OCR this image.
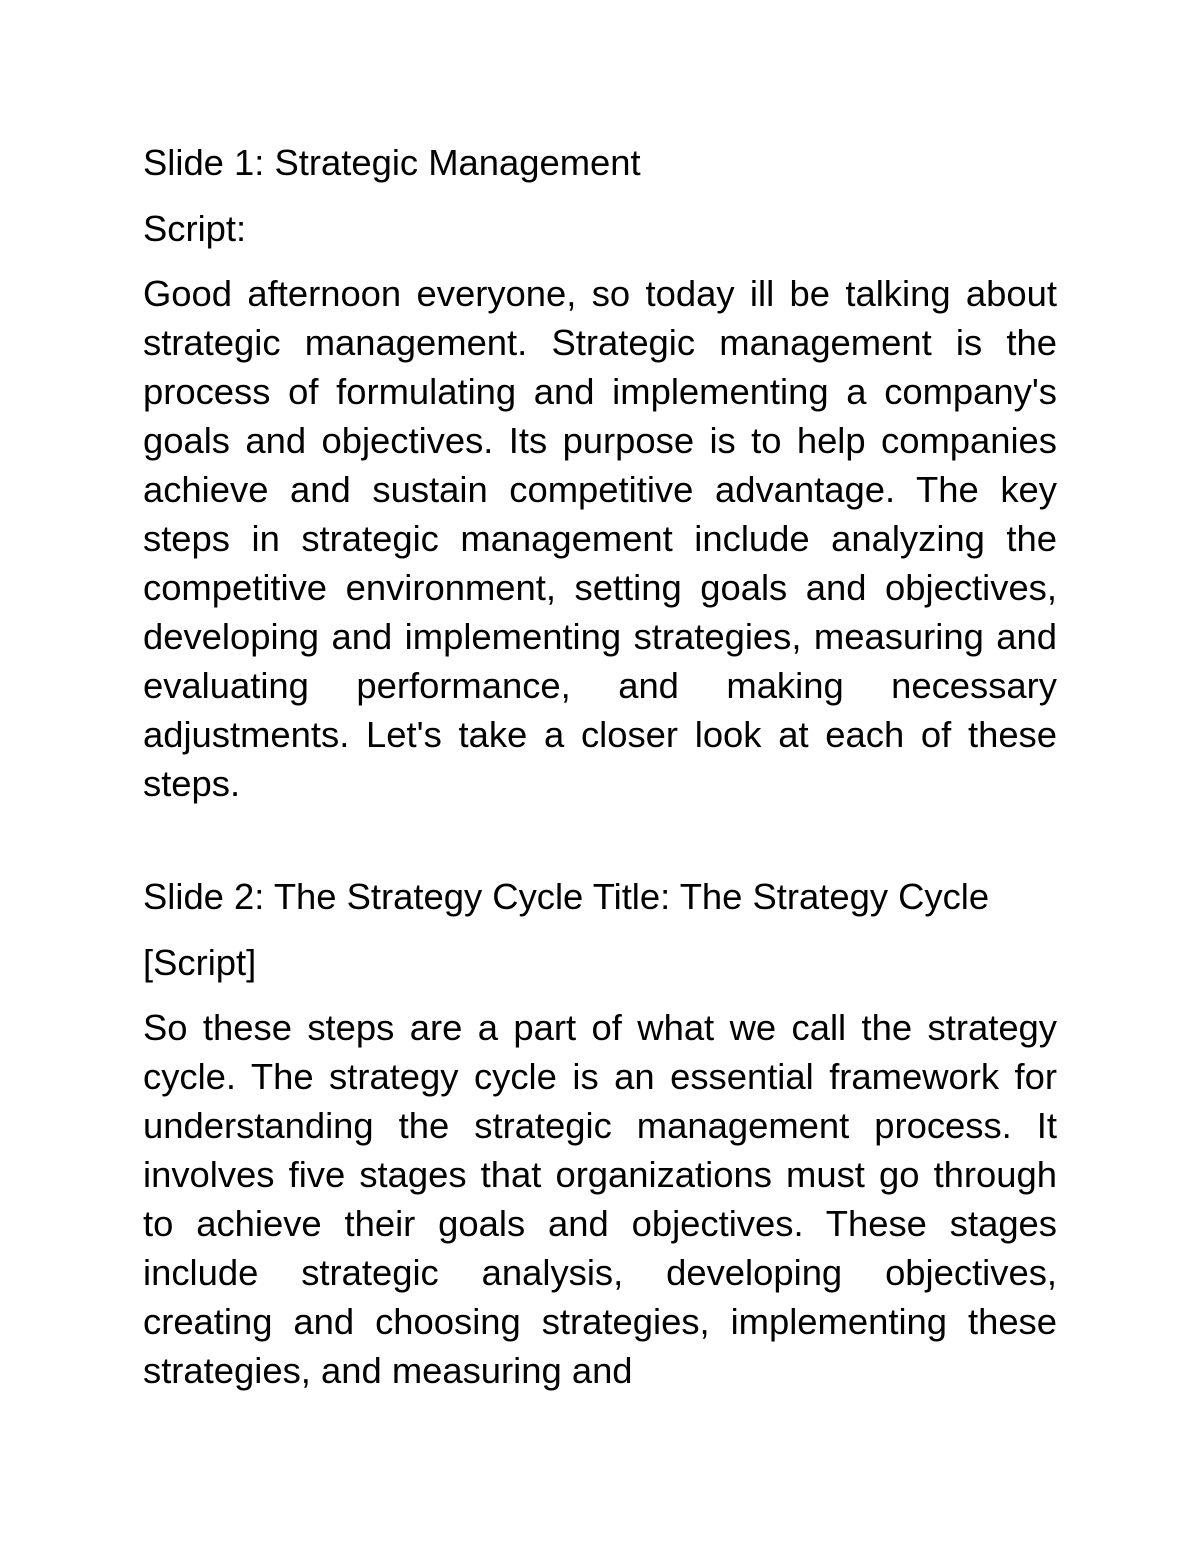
Slide 1: Strategic Management

Script:

Good afternoon everyone, so today ill be talking about strategic management. Strategic management is the process of formulating and implementing a company's goals and objectives. Its purpose is to help companies achieve and sustain competitive advantage. The key steps in strategic management include analyzing the competitive environment, setting goals and objectives, developing and implementing strategies, measuring and evaluating performance, and making necessary adjustments. Let's take a closer look at each of these steps.

Slide 2: The Strategy Cycle Title: The Strategy Cycle

[Script]

So these steps are a part of what we call the strategy cycle. The strategy cycle is an essential framework for understanding the strategic management process. It involves five stages that organizations must go through to achieve their goals and objectives. These stages include strategic analysis, developing objectives, creating and choosing strategies, implementing these strategies, and measuring and
